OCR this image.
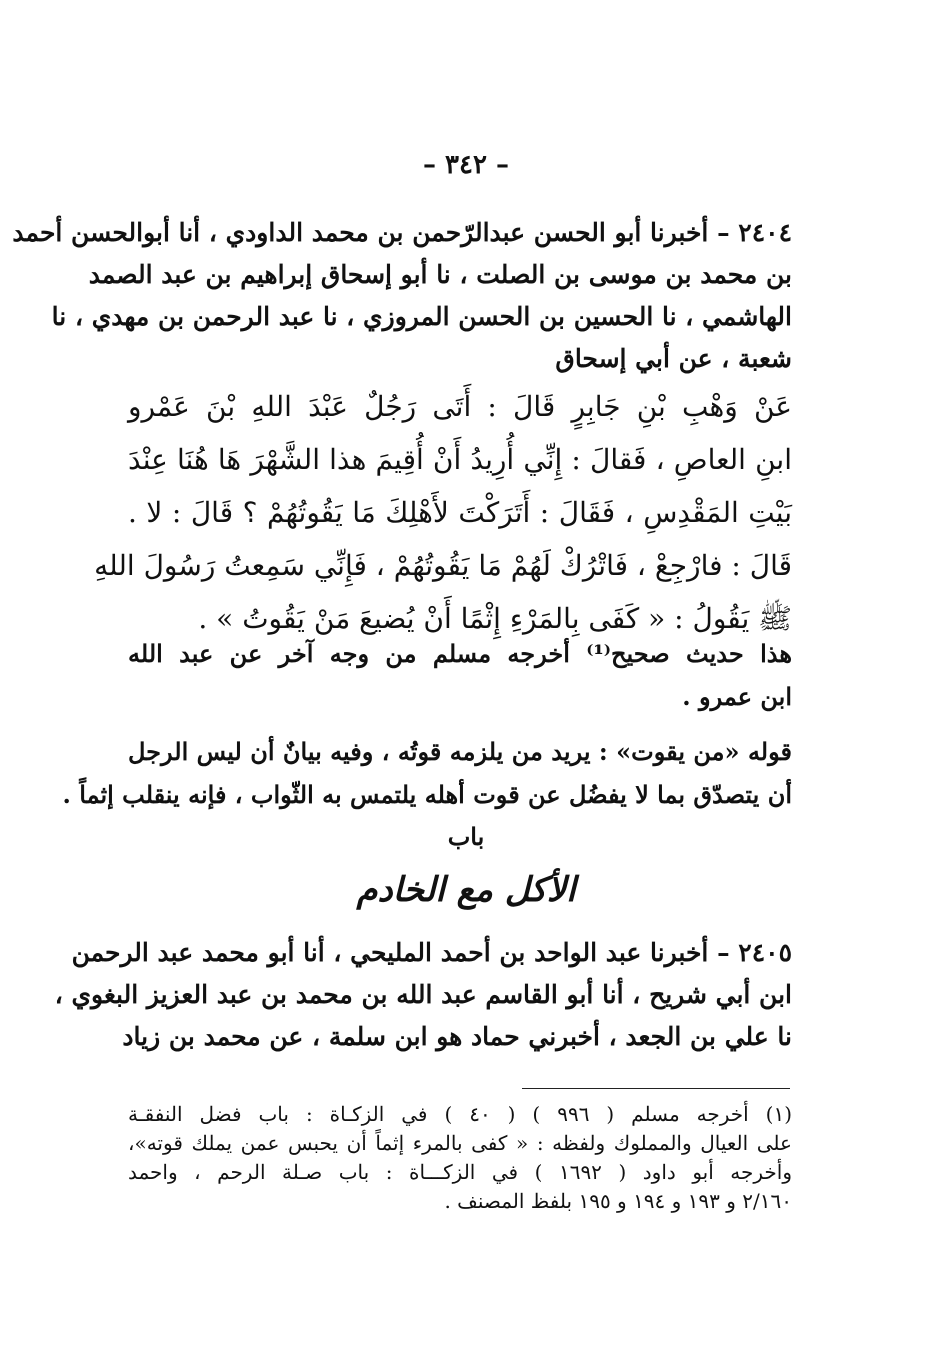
– ٣٤٢ –
٢٤٠٤ – أخبرنا أبو الحسن عبدالرّحمن بن محمد الداودي ، أنا أبوالحسن أحمد
بن محمد بن موسى بن الصلت ، نا أبو إسحاق إبراهيم بن عبد الصمد
الهاشمي ، نا الحسين بن الحسن المروزي ، نا عبد الرحمن بن مهدي ، نا
شعبة ، عن أبي إسحاق
عَنْ وَهْبِ بْنِ جَابِرٍ قَالَ : أَتَى رَجُلٌ عَبْدَ اللهِ بْنَ عَمْرو
ابنِ العاصِ ، فَقالَ : إِنِّي أُرِيدُ أَنْ أُقِيمَ هذا الشَّهْرَ هَا هُنَا عِنْدَ
بَيْتِ المَقْدِسِ ، فَقَالَ : أَتَرَكْتَ لأَهْلِكَ مَا يَقُوتُهُمْ ؟ قَالَ : لا .
قَالَ : فارْجِعْ ، فَاتْرُكْ لَهُمْ مَا يَقُوتُهُمْ ، فَإِنِّي سَمِعتُ رَسُولَ اللهِ
ﷺ يَقُولُ : « كَفَى بِالمَرْءِ إِثْمًا أَنْ يُضيعَ مَنْ يَقُوتُ » .
هذا حديث صحيح⁽¹⁾ أخرجه مسلم من وجه آخر عن عبد الله
ابن عمرو .
قوله «من يقوت» : يريد من يلزمه قوتُه ، وفيه بيانٌ أن ليس الرجل
أن يتصدّق بما لا يفضُل عن قوت أهله يلتمس به الثّواب ، فإنه ينقلب إثماً .
باب
الأكل مع الخادم
٢٤٠٥ – أخبرنا عبد الواحد بن أحمد المليحي ، أنا أبو محمد عبد الرحمن
ابن أبي شريح ، أنا أبو القاسم عبد الله بن محمد بن عبد العزيز البغوي ،
نا علي بن الجعد ، أخبرني حماد هو ابن سلمة ، عن محمد بن زياد
(١) أخرجه مسلم ( ٩٩٦ ) ( ٤٠ ) في الزكـاة : باب فضل النفقـة
على العيال والمملوك ولفظه : « كفى بالمرء إثماً أن يحبس عمن يملك قوته»،
وأخرجه أبو داود ( ١٦٩٢ ) في الزكـــاة : باب صـلة الرحم ، واحمد
٢/١٦٠ و ١٩٣ و ١٩٤ و ١٩٥ بلفظ المصنف .
